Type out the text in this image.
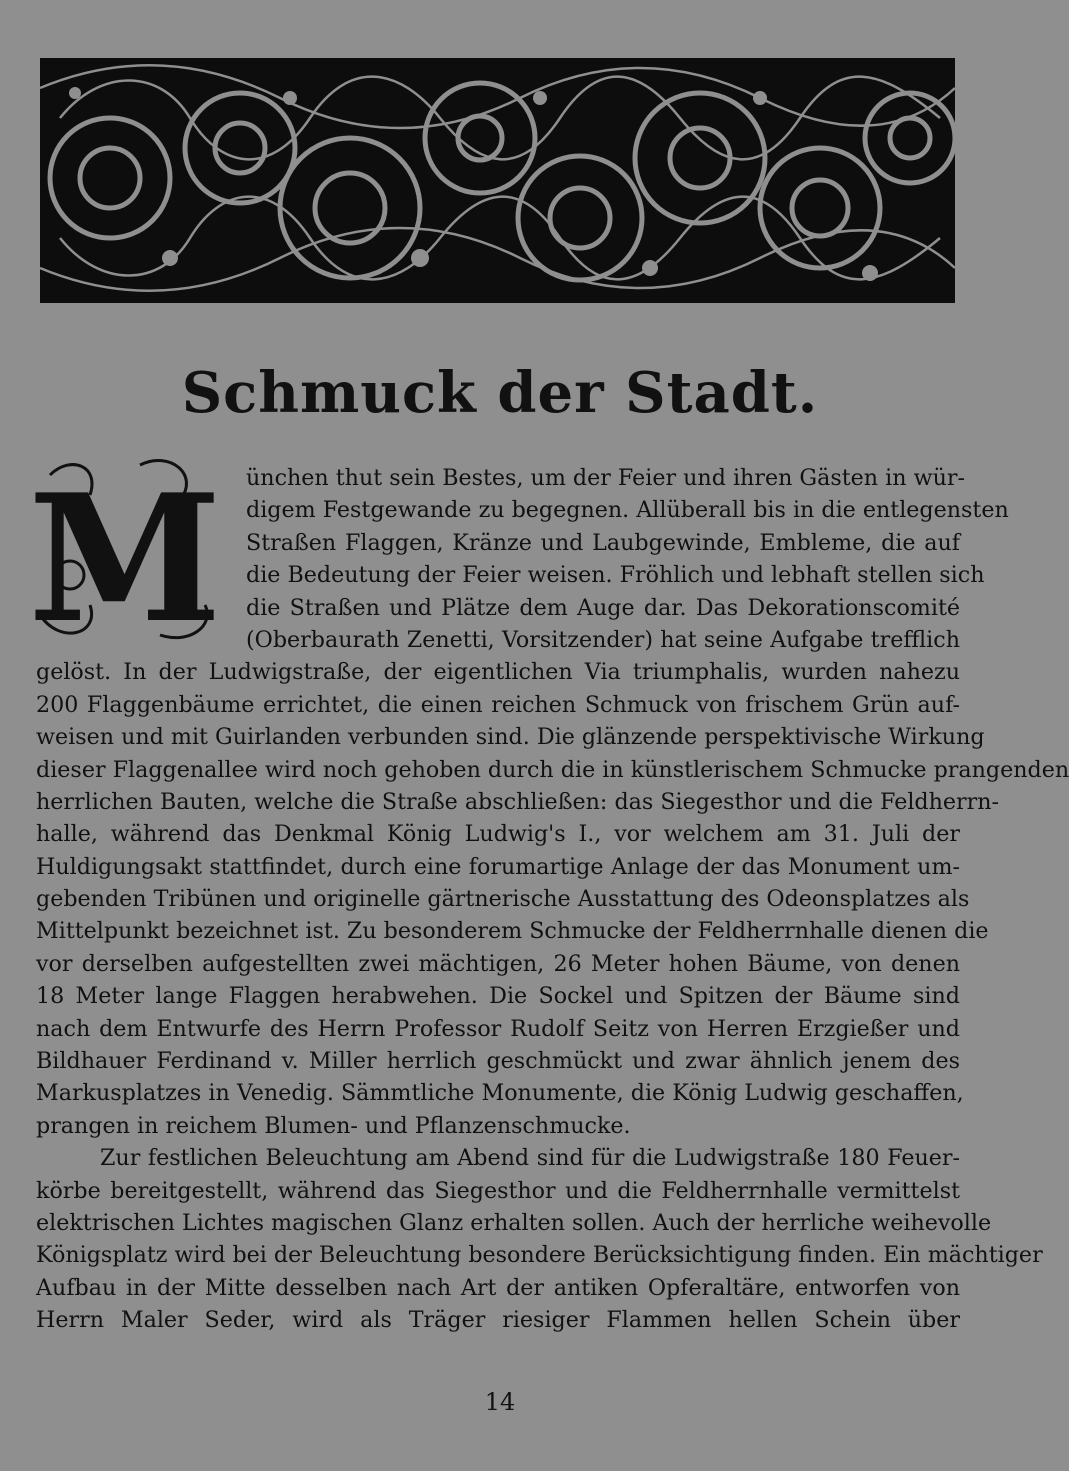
Schmuck der Stadt.
M ünchen thut sein Bestes, um der Feier und ihren Gästen in wür-
digem Festgewande zu begegnen. Allüberall bis in die entlegensten
Straßen Flaggen, Kränze und Laubgewinde, Embleme, die auf
die Bedeutung der Feier weisen. Fröhlich und lebhaft stellen sich
die Straßen und Plätze dem Auge dar. Das Dekorationscomité
(Oberbaurath Zenetti, Vorsitzender) hat seine Aufgabe trefflich
gelöst. In der Ludwigstraße, der eigentlichen Via triumphalis, wurden nahezu
200 Flaggenbäume errichtet, die einen reichen Schmuck von frischem Grün auf-
weisen und mit Guirlanden verbunden sind. Die glänzende perspektivische Wirkung
dieser Flaggenallee wird noch gehoben durch die in künstlerischem Schmucke prangenden
herrlichen Bauten, welche die Straße abschließen: das Siegesthor und die Feldherrn-
halle, während das Denkmal König Ludwig's I., vor welchem am 31. Juli der
Huldigungsakt stattfindet, durch eine forumartige Anlage der das Monument um-
gebenden Tribünen und originelle gärtnerische Ausstattung des Odeonsplatzes als
Mittelpunkt bezeichnet ist. Zu besonderem Schmucke der Feldherrnhalle dienen die
vor derselben aufgestellten zwei mächtigen, 26 Meter hohen Bäume, von denen
18 Meter lange Flaggen herabwehen. Die Sockel und Spitzen der Bäume sind
nach dem Entwurfe des Herrn Professor Rudolf Seitz von Herren Erzgießer und
Bildhauer Ferdinand v. Miller herrlich geschmückt und zwar ähnlich jenem des
Markusplatzes in Venedig. Sämmtliche Monumente, die König Ludwig geschaffen,
prangen in reichem Blumen- und Pflanzenschmucke.
Zur festlichen Beleuchtung am Abend sind für die Ludwigstraße 180 Feuer-
körbe bereitgestellt, während das Siegesthor und die Feldherrnhalle vermittelst
elektrischen Lichtes magischen Glanz erhalten sollen. Auch der herrliche weihevolle
Königsplatz wird bei der Beleuchtung besondere Berücksichtigung finden. Ein mächtiger
Aufbau in der Mitte desselben nach Art der antiken Opferaltäre, entworfen von
Herrn Maler Seder, wird als Träger riesiger Flammen hellen Schein über
14
